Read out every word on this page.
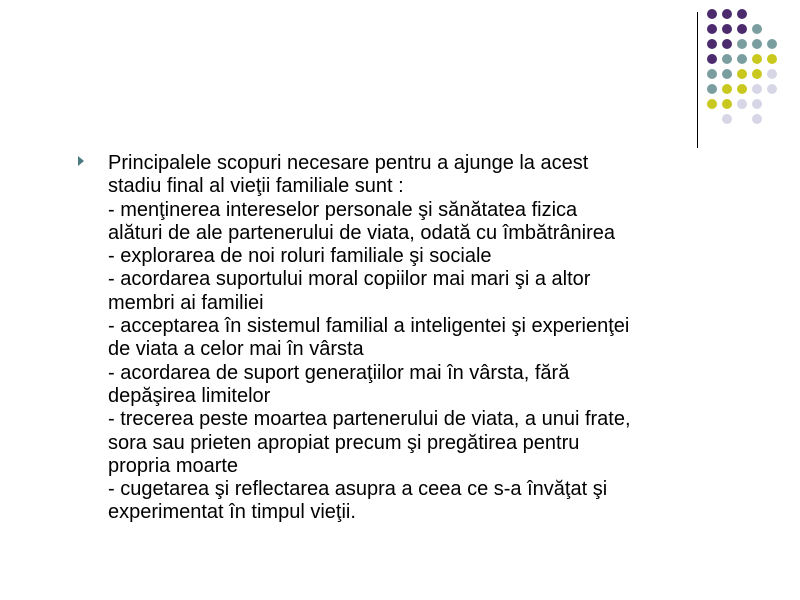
Principalele scopuri necesare pentru a ajunge la acest
stadiu final al vieţii familiale sunt :
- menţinerea intereselor personale şi sănătatea fizica
alături de ale partenerului de viata, odată cu îmbătrânirea
- explorarea de noi roluri familiale şi sociale
- acordarea suportului moral copiilor mai mari şi a altor
membri ai familiei
- acceptarea în sistemul familial a inteligentei şi experienţei
de viata a celor mai în vârsta
- acordarea de suport generaţiilor mai în vârsta, fără
depăşirea limitelor
- trecerea peste moartea partenerului de viata, a unui frate,
sora sau prieten apropiat precum şi pregătirea pentru
propria moarte
- cugetarea şi reflectarea asupra a ceea ce s-a învăţat şi
experimentat în timpul vieţii.
